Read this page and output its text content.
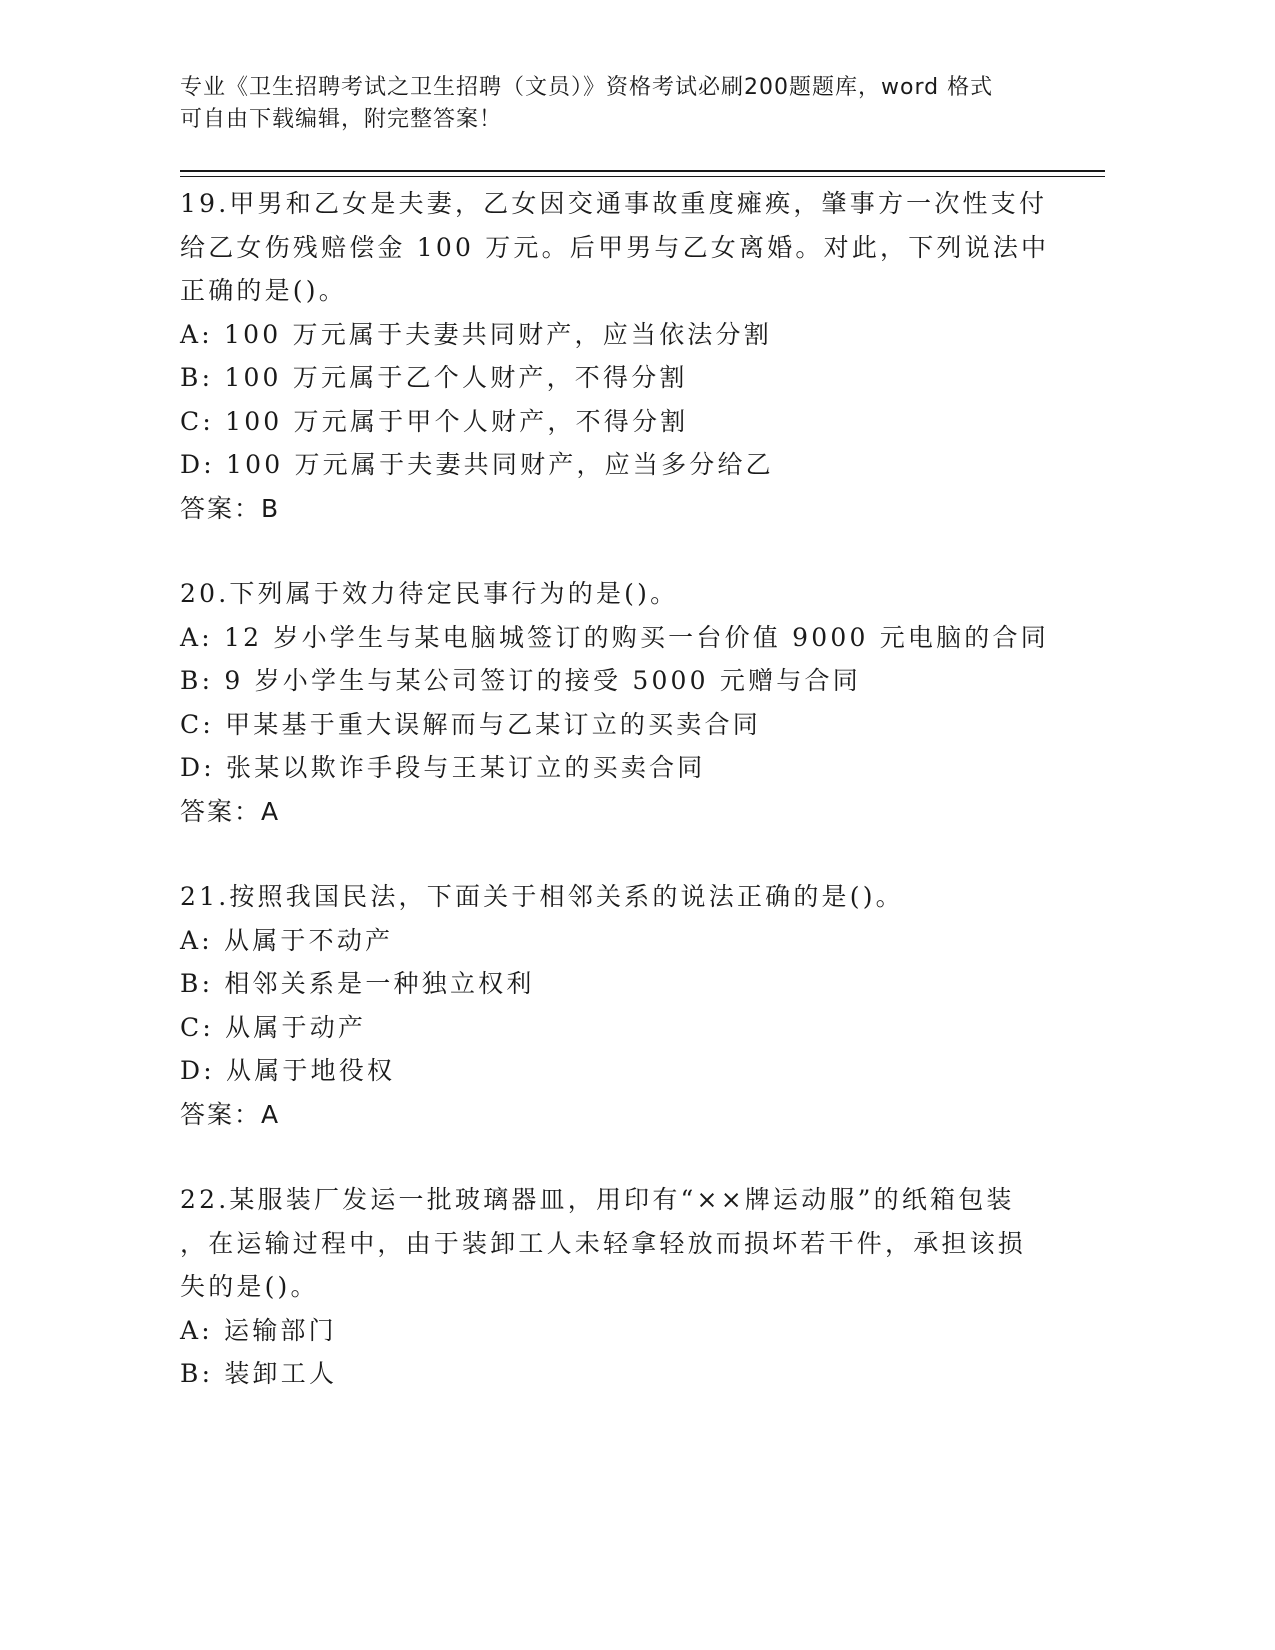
专业《卫生招聘考试之卫生招聘（文员）》资格考试必刷200题题库，word 格式
可自由下载编辑，附完整答案！
19.甲男和乙女是夫妻，乙女因交通事故重度瘫痪，肇事方一次性支付
给乙女伤残赔偿金 100 万元。后甲男与乙女离婚。对此，下列说法中
正确的是()。
A: 100 万元属于夫妻共同财产，应当依法分割
B: 100 万元属于乙个人财产，不得分割
C: 100 万元属于甲个人财产，不得分割
D: 100 万元属于夫妻共同财产，应当多分给乙
答案：B
20.下列属于效力待定民事行为的是()。
A: 12 岁小学生与某电脑城签订的购买一台价值 9000 元电脑的合同
B: 9 岁小学生与某公司签订的接受 5000 元赠与合同
C: 甲某基于重大误解而与乙某订立的买卖合同
D: 张某以欺诈手段与王某订立的买卖合同
答案：A
21.按照我国民法，下面关于相邻关系的说法正确的是()。
A: 从属于不动产
B: 相邻关系是一种独立权利
C: 从属于动产
D: 从属于地役权
答案：A
22.某服装厂发运一批玻璃器皿，用印有“××牌运动服”的纸箱包装
，在运输过程中，由于装卸工人未轻拿轻放而损坏若干件，承担该损
失的是()。
A: 运输部门
B: 装卸工人
